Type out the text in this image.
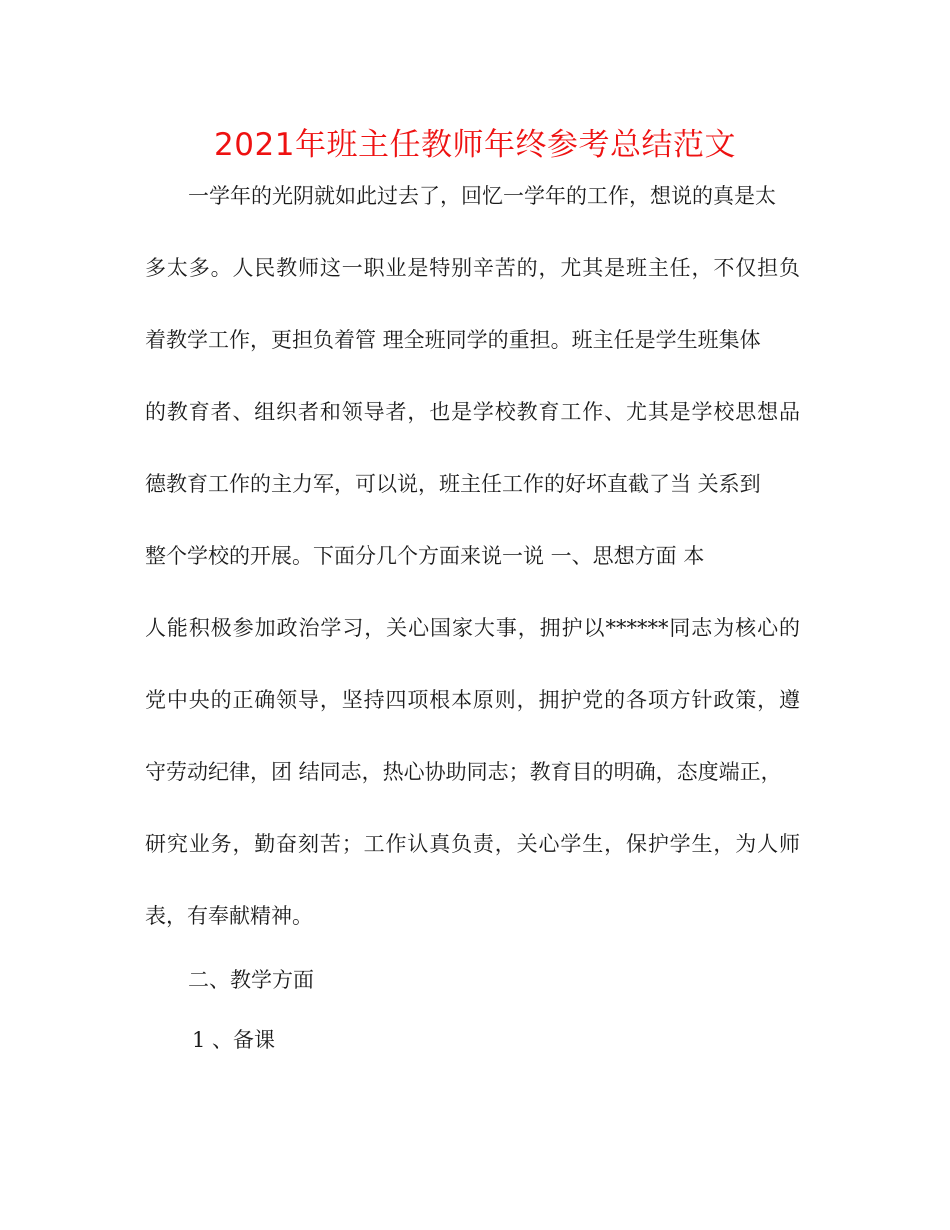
2021年班主任教师年终参考总结范文

一学年的光阴就如此过去了，回忆一学年的工作，想说的真是太

多太多。人民教师这一职业是特别辛苦的，尤其是班主任，不仅担负

着教学工作，更担负着管 理全班同学的重担。班主任是学生班集体

的教育者、组织者和领导者，也是学校教育工作、尤其是学校思想品

德教育工作的主力军，可以说，班主任工作的好坏直截了当 关系到

整个学校的开展。下面分几个方面来说一说 一、思想方面 本

人能积极参加政治学习，关心国家大事，拥护以******同志为核心的

党中央的正确领导，坚持四项根本原则，拥护党的各项方针政策，遵

守劳动纪律，团 结同志，热心协助同志；教育目的明确，态度端正，

研究业务，勤奋刻苦；工作认真负责，关心学生，保护学生，为人师

表，有奉献精神。

二、教学方面

1 、备课
